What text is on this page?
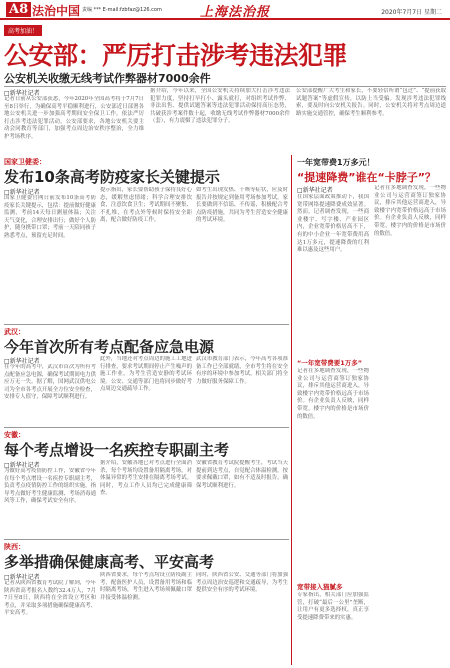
A8 法治中国 责编 *** E-mail:fzbfaz@126.com	上海法治报	2020年7月7日 星期二
高考加油！
公安部：严厉打击涉考违法犯罪
公安机关收缴无线考试作弊器材7000余件
□新华社记者
记者日前从公安部获悉，今年2020年全国高考将于7月7日至8日举行，为确保高考平稳顺利进行，公安部近日部署各地公安机关进一步加强高考期间安全保卫工作，依法严厉打击涉考违法犯罪活动。公安部要求，各地公安机关要主动会同教育等部门，加强考点周边治安秩序整治，全力维护考场秩序。
据介绍，今年以来，全国公安机关持续加大打击涉考违法犯罪力度，坚持打早打小、露头就打，对组织考试作弊、非法出售、提供试题答案等违法犯罪活动保持高压态势，共破获涉考案件数十起，收缴无线考试作弊器材7000余件（套），有力震慑了违法犯罪分子。
公安部提醒广大考生和家长，不要轻信所谓“包过”、“提前获取试题答案”等虚假宣传，以防上当受骗。发现涉考违法犯罪线索，要及时向公安机关报告。同时，公安机关将对考点周边道路实施交通管控，确保考生顺利参考。
国家卫健委：
发布10条高考防疫家长关键提示
□新华社记者
国家卫健委官网日前发布10条高考防疫家长关键提示，包括：提前做好健康监测，考前14天每日测量体温；关注天气变化，合理安排出行；做好个人防护，随身携带口罩；考前一天陪同孩子熟悉考点，预留充足时间。
提示指出，家长要帮助孩子保持良好心态，缓解焦虑情绪；科学合理安排饮食，注意饮食卫生；考试期间不聚集、不扎堆，在考点外等候时保持安全距离，配合做好防疫工作。
如考生出现发热、干咳等症状，应及时报告并按规定到备用考场参加考试。家长要做到不信谣、不传谣，积极配合考点防疫措施，共同为考生营造安全健康的考试环境。
武汉：
今年首次所有考点配备应急电源
□新华社记者
在今年的高考中，武汉市首次为所有考点配备应急电源，确保考试期间电力供应万无一失。据了解，国网武汉供电公司为全市各考点开展全方位安全检查，安排专人值守，保障考试顺利进行。
此外，当地还对考点周边的施工工地进行排查，要求考试期间停止产生噪声的施工作业，为考生营造安静的考试环境。公安、交通等部门也将同步做好考点周边交通疏导工作。
武汉市教育部门表示，今年高考各项准备工作已全部就绪，全市考生将在安全有序的环境中参加考试，相关部门将全力做好服务保障工作。
安徽：
每个考点增设一名疾控专职副主考
□新华社记者
为做好高考疫情防控工作，安徽省今年在每个考点增设一名疾控专职副主考，负责考点疫情防控工作的组织实施，指导考点做好考生健康监测、考场消毒通风等工作，确保考试安全有序。
据介绍，安徽各地已对考点进行全面消杀，每个考场均设置备用隔离考场，对体温异常的考生安排在隔离考场考试。同时，考点工作人员均已完成健康筛查。
安徽省教育考试院提醒考生，考试当天提前到达考点，自觉配合体温检测，按要求佩戴口罩，如有不适及时报告，确保考试顺利进行。
陕西：
多举措确保健康高考、平安高考
□新华社记者
记者从陕西省教育考试院了解到，今年陕西省高考报名人数约32.4万人，7月7日至8日，陕西将在全省设立考区和考点，并采取多项措施确保健康高考、平安高考。
陕西省要求，每个考点均设立防疫副主考，配备医护人员，设置备用考场和临时隔离考场，考生进入考场须佩戴口罩并接受体温检测。
同时，陕西省公安、交通等部门将加强考点周边治安巡逻和交通疏导，为考生提供安全有序的考试环境。
一年宽带费1万多元！
“提速降费”谁在“卡脖子”？
□新华社记者
在国家层面政策推动下，我国宽带网络提速降费成效显著。然而，记者调查发现，一些商业楼宇、写字楼、产业园区内，企业宽带价格居高不下，有的中小企业一年宽带费用高达1万多元，提速降费的红利难以惠及这些用户。
“一年宽带费要1万多”
记者在多地调查发现，一些物业公司与运营商签订独家协议，排斥其他运营商进入，导致楼宇内宽带价格远高于市场价。有企业负责人反映，同样带宽，楼宇内的价格是市场价的数倍。
宽带接入猫腻多
专家指出，相关部门应加强监管，打破“最后一公里”垄断，让用户有更多选择权，真正享受提速降费带来的实惠。
记者在多地调查发现，一些物业公司与运营商签订独家协议，排斥其他运营商进入，导致楼宇内宽带价格远高于市场价。有企业负责人反映，同样带宽，楼宇内的价格是市场价的数倍。
